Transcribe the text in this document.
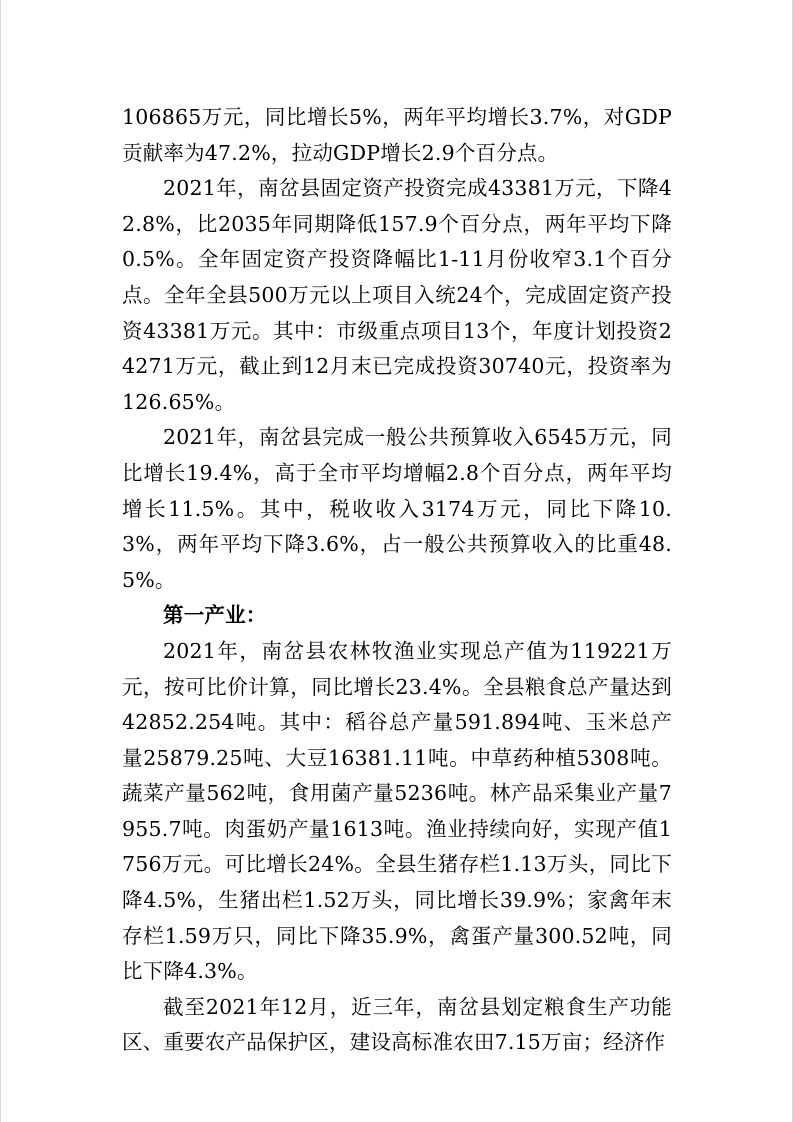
106865万元，同比增长5%，两年平均增长3.7%，对GDP贡献率为47.2%，拉动GDP增长2.9个百分点。

2021年，南岔县固定资产投资完成43381万元，下降42.8%，比2035年同期降低157.9个百分点，两年平均下降0.5%。全年固定资产投资降幅比1-11月份收窄3.1个百分点。全年全县500万元以上项目入统24个，完成固定资产投资43381万元。其中：市级重点项目13个，年度计划投资24271万元，截止到12月末已完成投资30740元，投资率为126.65%。

2021年，南岔县完成一般公共预算收入6545万元，同比增长19.4%，高于全市平均增幅2.8个百分点，两年平均增长11.5%。其中，税收收入3174万元，同比下降10.3%，两年平均下降3.6%，占一般公共预算收入的比重48.5%。

第一产业：

2021年，南岔县农林牧渔业实现总产值为119221万元，按可比价计算，同比增长23.4%。全县粮食总产量达到42852.254吨。其中：稻谷总产量591.894吨、玉米总产量25879.25吨、大豆16381.11吨。中草药种植5308吨。蔬菜产量562吨，食用菌产量5236吨。林产品采集业产量7955.7吨。肉蛋奶产量1613吨。渔业持续向好，实现产值1756万元。可比增长24%。全县生猪存栏1.13万头，同比下降4.5%，生猪出栏1.52万头，同比增长39.9%；家禽年末存栏1.59万只，同比下降35.9%，禽蛋产量300.52吨，同比下降4.3%。

截至2021年12月，近三年，南岔县划定粮食生产功能区、重要农产品保护区，建设高标准农田7.15万亩；经济作
